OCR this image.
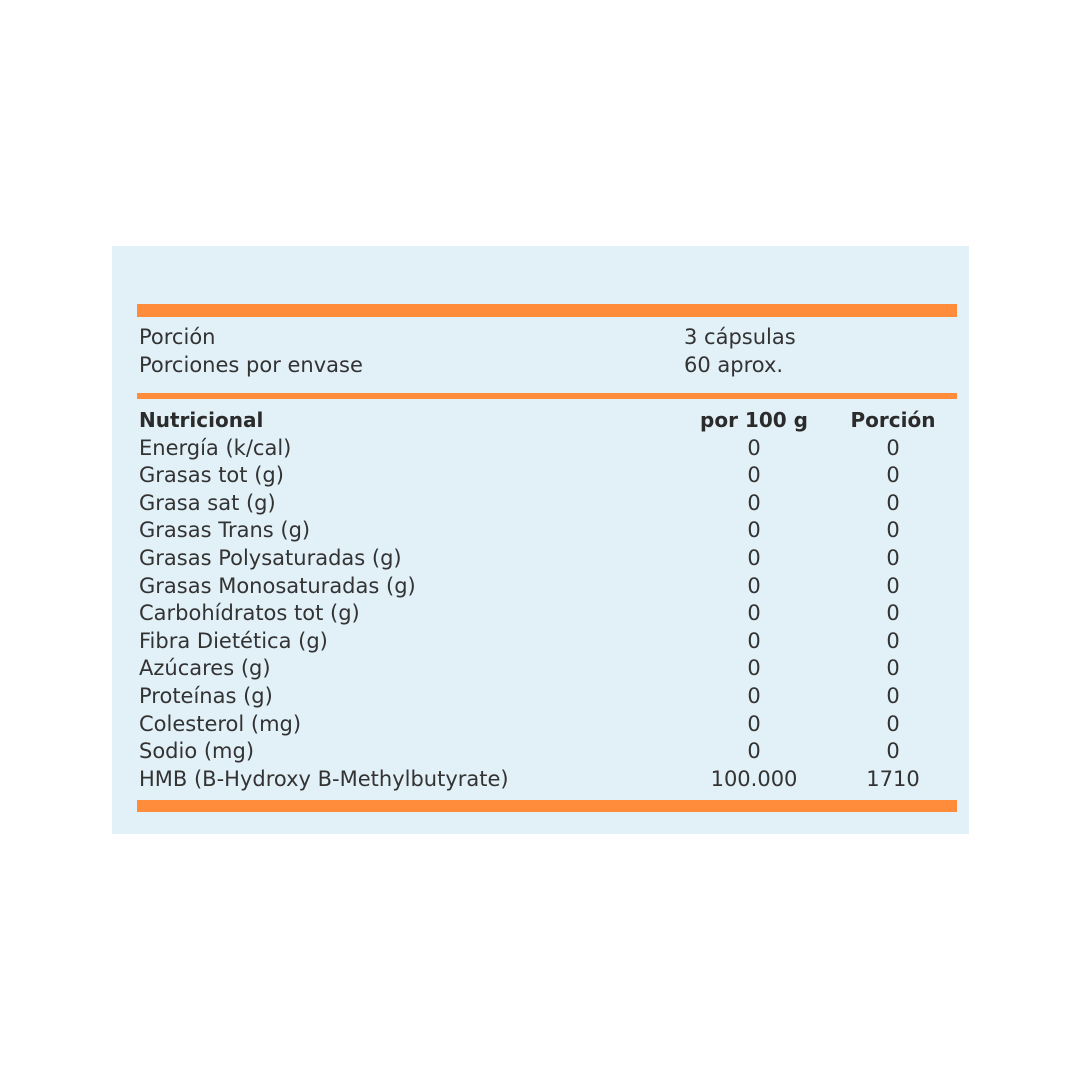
Porción	3 cápsulas
Porciones por envase	60 aprox.
Nutricional	por 100 g	Porción
Energía (k/cal)	0	0
Grasas tot (g)	0	0
Grasa sat (g)	0	0
Grasas Trans (g)	0	0
Grasas Polysaturadas (g)	0	0
Grasas Monosaturadas (g)	0	0
Carbohídratos tot (g)	0	0
Fibra Dietética (g)	0	0
Azúcares (g)	0	0
Proteínas (g)	0	0
Colesterol (mg)	0	0
Sodio (mg)	0	0
HMB (B-Hydroxy B-Methylbutyrate)	100.000	1710
